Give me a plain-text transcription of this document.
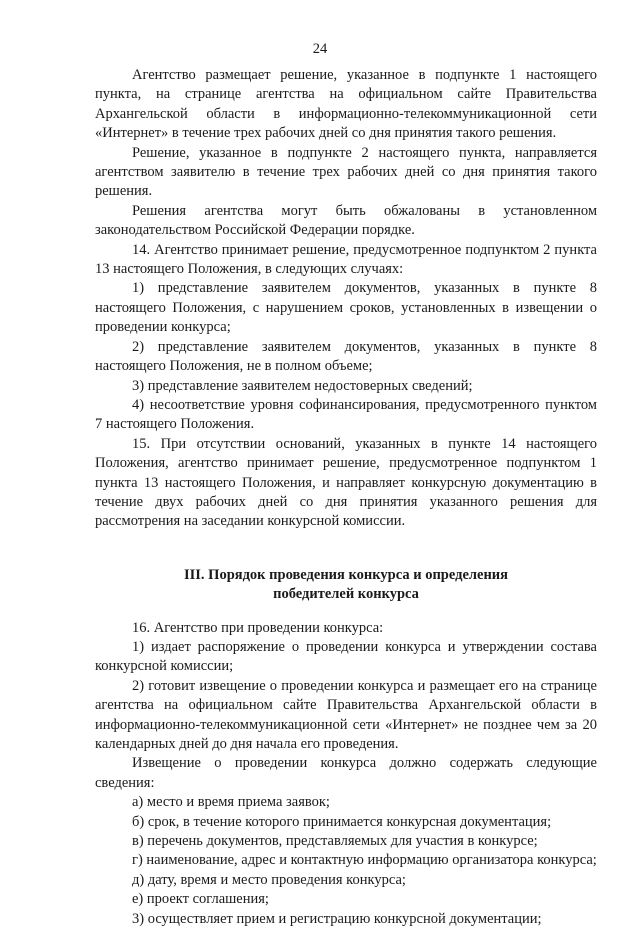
24

Агентство размещает решение, указанное в подпункте 1 настоящего пункта, на странице агентства на официальном сайте Правительства Архангельской области в информационно-телекоммуникационной сети «Интернет» в течение трех рабочих дней со дня принятия такого решения.

Решение, указанное в подпункте 2 настоящего пункта, направляется агентством заявителю в течение трех рабочих дней со дня принятия такого решения.

Решения агентства могут быть обжалованы в установленном законодательством Российской Федерации порядке.

14. Агентство принимает решение, предусмотренное подпунктом 2 пункта 13 настоящего Положения, в следующих случаях:

1) представление заявителем документов, указанных в пункте 8 настоящего Положения, с нарушением сроков, установленных в извещении о проведении конкурса;

2) представление заявителем документов, указанных в пункте 8 настоящего Положения, не в полном объеме;

3) представление заявителем недостоверных сведений;

4) несоответствие уровня софинансирования, предусмотренного пунктом 7 настоящего Положения.

15. При отсутствии оснований, указанных в пункте 14 настоящего Положения, агентство принимает решение, предусмотренное подпунктом 1 пункта 13 настоящего Положения, и направляет конкурсную документацию в течение двух рабочих дней со дня принятия указанного решения для рассмотрения на заседании конкурсной комиссии.

III. Порядок проведения конкурса и определения
победителей конкурса

16. Агентство при проведении конкурса:

1) издает распоряжение о проведении конкурса и утверждении состава конкурсной комиссии;

2) готовит извещение о проведении конкурса и размещает его на странице агентства на официальном сайте Правительства Архангельской области в информационно-телекоммуникационной сети «Интернет» не позднее чем за 20 календарных дней до дня начала его проведения.

Извещение о проведении конкурса должно содержать следующие сведения:

а) место и время приема заявок;

б) срок, в течение которого принимается конкурсная документация;

в) перечень документов, представляемых для участия в конкурсе;

г) наименование, адрес и контактную информацию организатора конкурса;

д) дату, время и место проведения конкурса;

е) проект соглашения;

3) осуществляет прием и регистрацию конкурсной документации;
